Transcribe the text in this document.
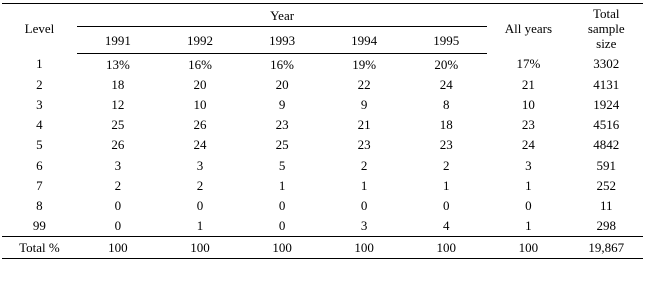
Level	Year					All years	Total
sample
size

	1991	1992	1993	1994	1995		
1	13%	16%	16%	19%	20%	17%	3302
2	18	20	20	22	24	21	4131
3	12	10	9	9	8	10	1924
4	25	26	23	21	18	23	4516
5	26	24	25	23	23	24	4842
6	3	3	5	2	2	3	591
7	2	2	1	1	1	1	252
8	0	0	0	0	0	0	11
99	0	1	0	3	4	1	298
Total %	100	100	100	100	100	100	19,867
